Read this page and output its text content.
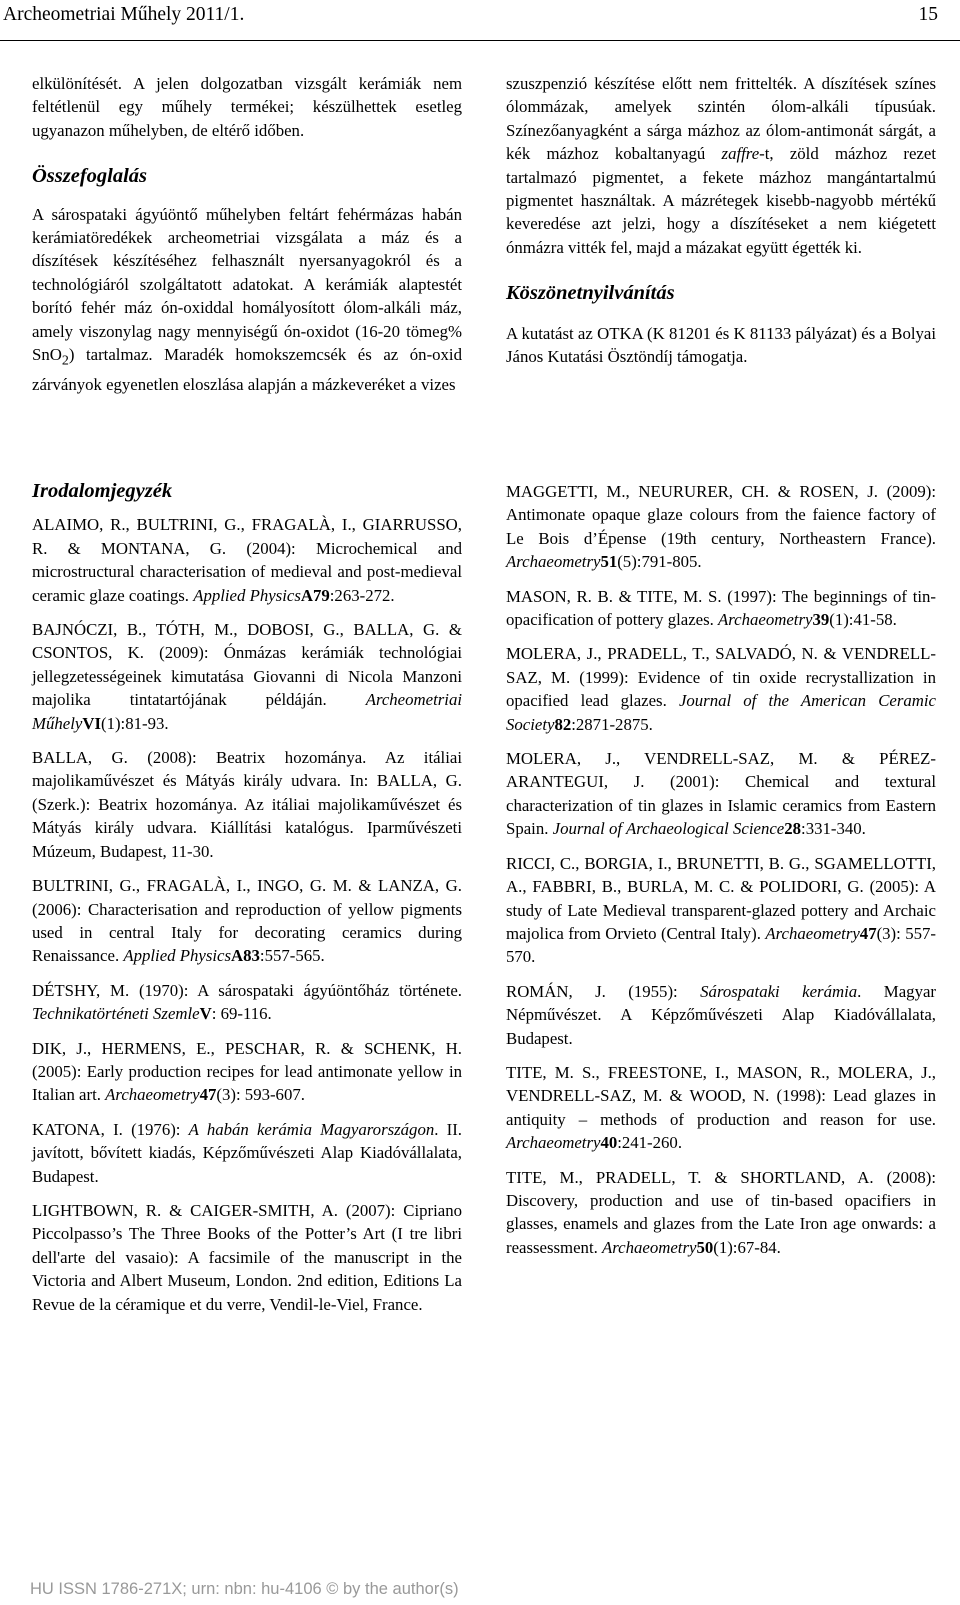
Archeometriai Műhely 2011/1.	15

elkülönítését. A jelen dolgozatban vizsgált kerámiák nem feltétlenül egy műhely termékei; készülhettek esetleg ugyanazon műhelyben, de eltérő időben.

Összefoglalás

A sárospataki ágyúöntő műhelyben feltárt fehérmázas habán kerámiatöredékek archeometriai vizsgálata a máz és a díszítések készítéséhez felhasznált nyersanyagokról és a technológiáról szolgáltatott adatokat. A kerámiák alaptestét borító fehér máz ón-oxiddal homályosított ólom-alkáli máz, amely viszonylag nagy mennyiségű ón-oxidot (16-20 tömeg% SnO$_2$) tartalmaz. Maradék homokszemcsék és az ón-oxid zárványok egyenetlen eloszlása alapján a mázkeveréket a vizes

szuszpenzió készítése előtt nem frittelték. A díszítések színes ólommázak, amelyek szintén ólom-alkáli típusúak. Színezőanyagként a sárga mázhoz az ólom-antimonát sárgát, a kék mázhoz kobaltanyagú zaffre-t, zöld mázhoz rezet tartalmazó pigmentet, a fekete mázhoz mangántartalmú pigmentet használtak. A mázrétegek kisebb-nagyobb mértékű keveredése azt jelzi, hogy a díszítéseket a nem kiégetett ónmázra vitték fel, majd a mázakat együtt égették ki.

Köszönetnyilvánítás

A kutatást az OTKA (K 81201 és K 81133 pályázat) és a Bolyai János Kutatási Ösztöndíj támogatja.

Irodalomjegyzék

ALAIMO, R., BULTRINI, G., FRAGALÀ, I., GIARRUSSO, R. & MONTANA, G. (2004): Microchemical and microstructural characterisation of medieval and post-medieval ceramic glaze coatings. Applied PhysicsA79:263-272.

BAJNÓCZI, B., TÓTH, M., DOBOSI, G., BALLA, G. & CSONTOS, K. (2009): Ónmázas kerámiák technológiai jellegzetességeinek kimutatása Giovanni di Nicola Manzoni majolika tintatartójának példáján. Archeometriai MűhelyVI(1):81-93.

BALLA, G. (2008): Beatrix hozománya. Az itáliai majolikaművészet és Mátyás király udvara. In: BALLA, G. (Szerk.): Beatrix hozománya. Az itáliai majolikaművészet és Mátyás király udvara. Kiállítási katalógus. Iparművészeti Múzeum, Budapest, 11-30.

BULTRINI, G., FRAGALÀ, I., INGO, G. M. & LANZA, G. (2006): Characterisation and reproduction of yellow pigments used in central Italy for decorating ceramics during Renaissance. Applied PhysicsA83:557-565.

DÉTSHY, M. (1970): A sárospataki ágyúöntőház története. Technikatörténeti SzemleV: 69-116.

DIK, J., HERMENS, E., PESCHAR, R. & SCHENK, H. (2005): Early production recipes for lead antimonate yellow in Italian art. Archaeometry47(3): 593-607.

KATONA, I. (1976): A habán kerámia Magyarországon. II. javított, bővített kiadás, Képzőművészeti Alap Kiadóvállalata, Budapest.

LIGHTBOWN, R. & CAIGER-SMITH, A. (2007): Cipriano Piccolpasso’s The Three Books of the Potter’s Art (I tre libri dell'arte del vasaio): A facsimile of the manuscript in the Victoria and Albert Museum, London. 2nd edition, Editions La Revue de la céramique et du verre, Vendil-le-Viel, France.

MAGGETTI, M., NEURURER, CH. & ROSEN, J. (2009): Antimonate opaque glaze colours from the faience factory of Le Bois d’Épense (19th century, Northeastern France). Archaeometry51(5):791-805.

MASON, R. B. & TITE, M. S. (1997): The beginnings of tin-opacification of pottery glazes. Archaeometry39(1):41-58.

MOLERA, J., PRADELL, T., SALVADÓ, N. & VENDRELL-SAZ, M. (1999): Evidence of tin oxide recrystallization in opacified lead glazes. Journal of the American Ceramic Society82:2871-2875.

MOLERA, J., VENDRELL-SAZ, M. & PÉREZ-ARANTEGUI, J. (2001): Chemical and textural characterization of tin glazes in Islamic ceramics from Eastern Spain. Journal of Archaeological Science28:331-340.

RICCI, C., BORGIA, I., BRUNETTI, B. G., SGAMELLOTTI, A., FABBRI, B., BURLA, M. C. & POLIDORI, G. (2005): A study of Late Medieval transparent-glazed pottery and Archaic majolica from Orvieto (Central Italy). Archaeometry47(3): 557-570.

ROMÁN, J. (1955): Sárospataki kerámia. Magyar Népművészet. A Képzőművészeti Alap Kiadóvállalata, Budapest.

TITE, M. S., FREESTONE, I., MASON, R., MOLERA, J., VENDRELL-SAZ, M. & WOOD, N. (1998): Lead glazes in antiquity – methods of production and reason for use. Archaeometry40:241-260.

TITE, M., PRADELL, T. & SHORTLAND, A. (2008): Discovery, production and use of tin-based opacifiers in glasses, enamels and glazes from the Late Iron age onwards: a reassessment. Archaeometry50(1):67-84.

HU ISSN 1786-271X; urn: nbn: hu-4106 © by the author(s)
